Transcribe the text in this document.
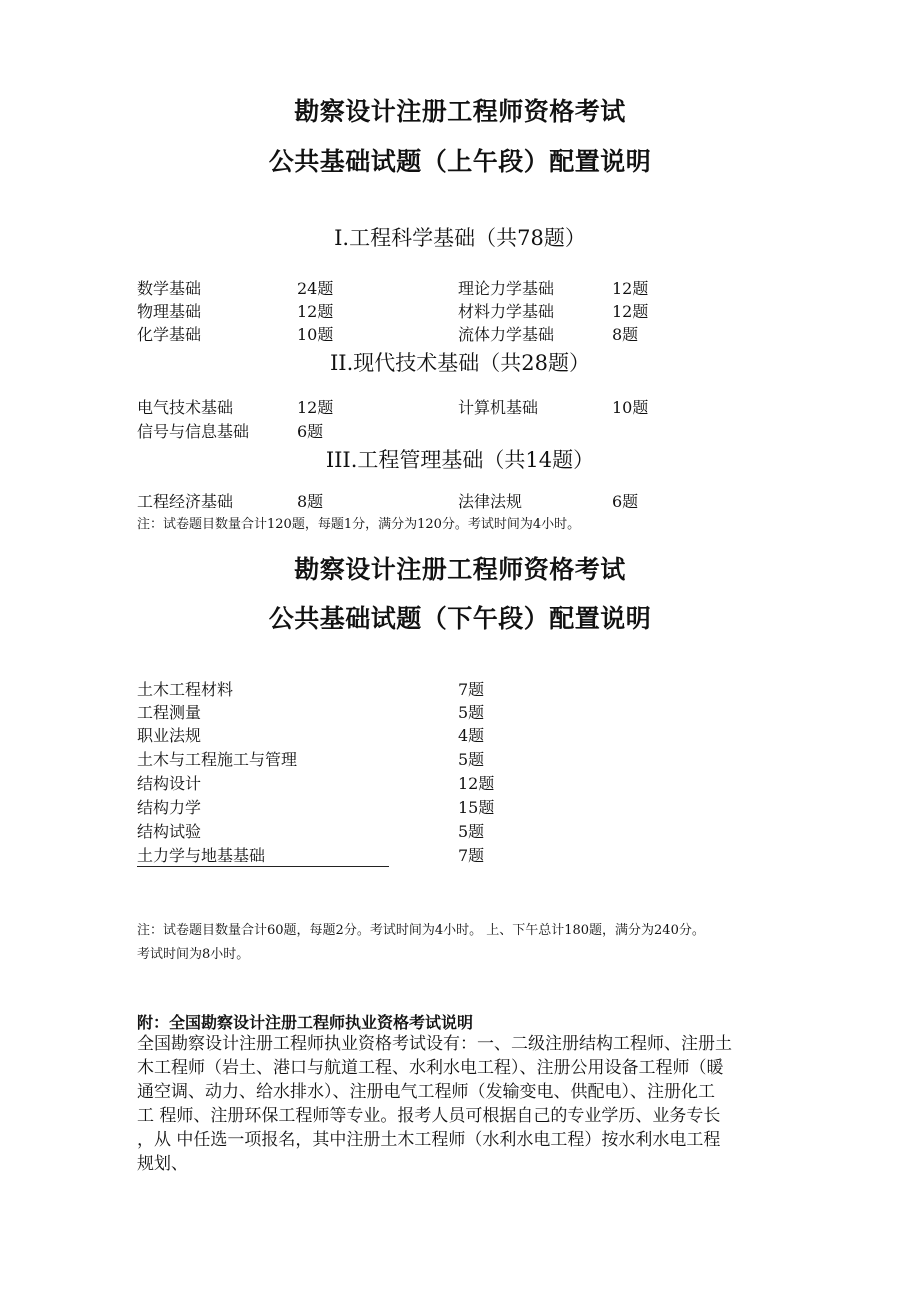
勘察设计注册工程师资格考试
公共基础试题（上午段）配置说明
I.工程科学基础（共78题）
数学基础	24题	理论力学基础	12题
物理基础	12题	材料力学基础	12题
化学基础	10题	流体力学基础	8题
II.现代技术基础（共28题）
电气技术基础	12题	计算机基础	10题
信号与信息基础	6题
III.工程管理基础（共14题）
工程经济基础	8题	法律法规	6题
注：试卷题目数量合计120题，每题1分，满分为120分。考试时间为4小时。
勘察设计注册工程师资格考试
公共基础试题（下午段）配置说明
土木工程材料	7题
工程测量	5题
职业法规	4题
土木与工程施工与管理	5题
结构设计	12题
结构力学	15题
结构试验	5题
土力学与地基基础	7题
注：试卷题目数量合计60题，每题2分。考试时间为4小时。 上、下午总计180题，满分为240分。
考试时间为8小时。
附：全国勘察设计注册工程师执业资格考试说明
全国勘察设计注册工程师执业资格考试设有：一、二级注册结构工程师、注册土
木工程师（岩土、港口与航道工程、水利水电工程）、注册公用设备工程师（暖
通空调、动力、给水排水）、注册电气工程师（发输变电、供配电）、注册化工
工 程师、注册环保工程师等专业。报考人员可根据自己的专业学历、业务专长
，从 中任选一项报名，其中注册土木工程师（水利水电工程）按水利水电工程
规划、
